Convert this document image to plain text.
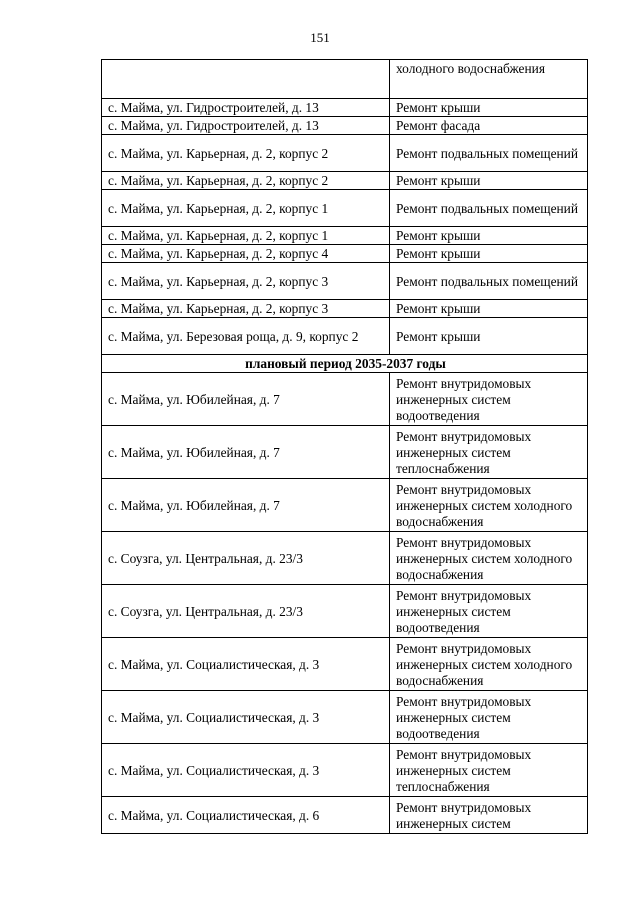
151
	холодного водоснабжения
с. Майма, ул. Гидростроителей, д. 13	Ремонт крыши
с. Майма, ул. Гидростроителей, д. 13	Ремонт фасада
с. Майма, ул. Карьерная, д. 2, корпус 2	Ремонт подвальных помещений
с. Майма, ул. Карьерная, д. 2, корпус 2	Ремонт крыши
с. Майма, ул. Карьерная, д. 2, корпус 1	Ремонт подвальных помещений
с. Майма, ул. Карьерная, д. 2, корпус 1	Ремонт крыши
с. Майма, ул. Карьерная, д. 2, корпус 4	Ремонт крыши
с. Майма, ул. Карьерная, д. 2, корпус 3	Ремонт подвальных помещений
с. Майма, ул. Карьерная, д. 2, корпус 3	Ремонт крыши
с. Майма, ул. Березовая роща, д. 9, корпус 2	Ремонт крыши
плановый период 2035-2037 годы	
с. Майма, ул. Юбилейная, д. 7	Ремонт внутридомовых инженерных систем водоотведения
с. Майма, ул. Юбилейная, д. 7	Ремонт внутридомовых инженерных систем теплоснабжения
с. Майма, ул. Юбилейная, д. 7	Ремонт внутридомовых инженерных систем холодного водоснабжения
с. Соузга, ул. Центральная, д. 23/3	Ремонт внутридомовых инженерных систем холодного водоснабжения
с. Соузга, ул. Центральная, д. 23/3	Ремонт внутридомовых инженерных систем водоотведения
с. Майма, ул. Социалистическая, д. 3	Ремонт внутридомовых инженерных систем холодного водоснабжения
с. Майма, ул. Социалистическая, д. 3	Ремонт внутридомовых инженерных систем водоотведения
с. Майма, ул. Социалистическая, д. 3	Ремонт внутридомовых инженерных систем теплоснабжения
с. Майма, ул. Социалистическая, д. 6	Ремонт внутридомовых инженерных систем
